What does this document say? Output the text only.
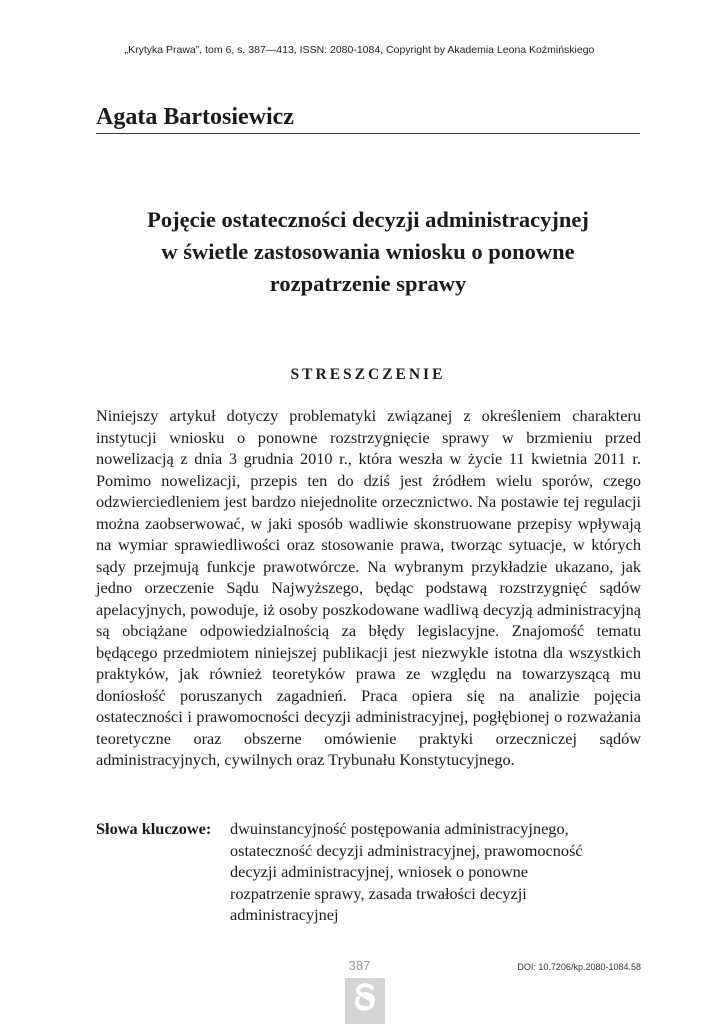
„Krytyka Prawa”, tom 6, s. 387—413, ISSN: 2080-1084, Copyright by Akademia Leona Koźmińskiego
Agata Bartosiewicz
Pojęcie ostateczności decyzji administracyjnej
w świetle zastosowania wniosku o ponowne
rozpatrzenie sprawy
STRESZCZENIE
Niniejszy artykuł dotyczy problematyki związanej z określeniem charakteru instytucji wniosku o ponowne rozstrzygnięcie sprawy w brzmieniu przed nowelizacją z dnia 3 grudnia 2010 r., która weszła w życie 11 kwietnia 2011 r. Pomimo nowelizacji, przepis ten do dziś jest źródłem wielu sporów, czego odzwierciedleniem jest bardzo niejednolite orzecznictwo. Na postawie tej regulacji można zaobserwować, w jaki sposób wadliwie skonstruowane przepisy wpływają na wymiar sprawiedliwości oraz stosowanie prawa, tworząc sytuacje, w których sądy przejmują funkcje prawotwórcze. Na wybranym przykładzie ukazano, jak jedno orzeczenie Sądu Najwyższego, będąc podstawą rozstrzygnięć sądów apelacyjnych, powoduje, iż osoby poszkodowane wadliwą decyzją administracyjną są obciążane odpowiedzialnością za błędy legislacyjne. Znajomość tematu będącego przedmiotem niniejszej publikacji jest niezwykle istotna dla wszystkich praktyków, jak również teoretyków prawa ze względu na towarzyszącą mu doniosłość poruszanych zagadnień. Praca opiera się na analizie pojęcia ostateczności i prawomocności decyzji administracyjnej, pogłębionej o rozważania teoretyczne oraz obszerne omówienie praktyki orzeczniczej sądów administracyjnych, cywilnych oraz Trybunału Konstytucyjnego.
Słowa kluczowe: dwuinstancyjność postępowania administracyjnego,
ostateczność decyzji administracyjnej, prawomocność
decyzji administracyjnej, wniosek o ponowne
rozpatrzenie sprawy, zasada trwałości decyzji
administracyjnej
387	DOI: 10.7206/kp.2080-1084.58
